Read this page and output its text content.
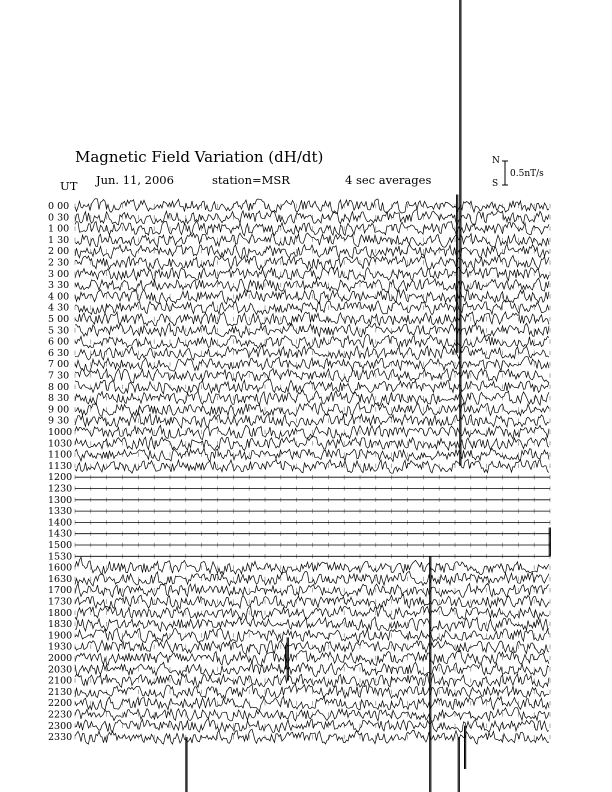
Magnetic Field Variation (dH/dt)
Jun. 11, 2006	station=MSR	4 sec averages
UT
N
S
0.5nT/s
0 00
0 30
1 00
1 30
2 00
2 30
3 00
3 30
4 00
4 30
5 00
5 30
6 00
6 30
7 00
7 30
8 00
8 30
9 00
9 30
1000
1030
1100
1130
1200
1230
1300
1330
1400
1430
1500
1530
1600
1630
1700
1730
1800
1830
1900
1930
2000
2030
2100
2130
2200
2230
2300
2330
